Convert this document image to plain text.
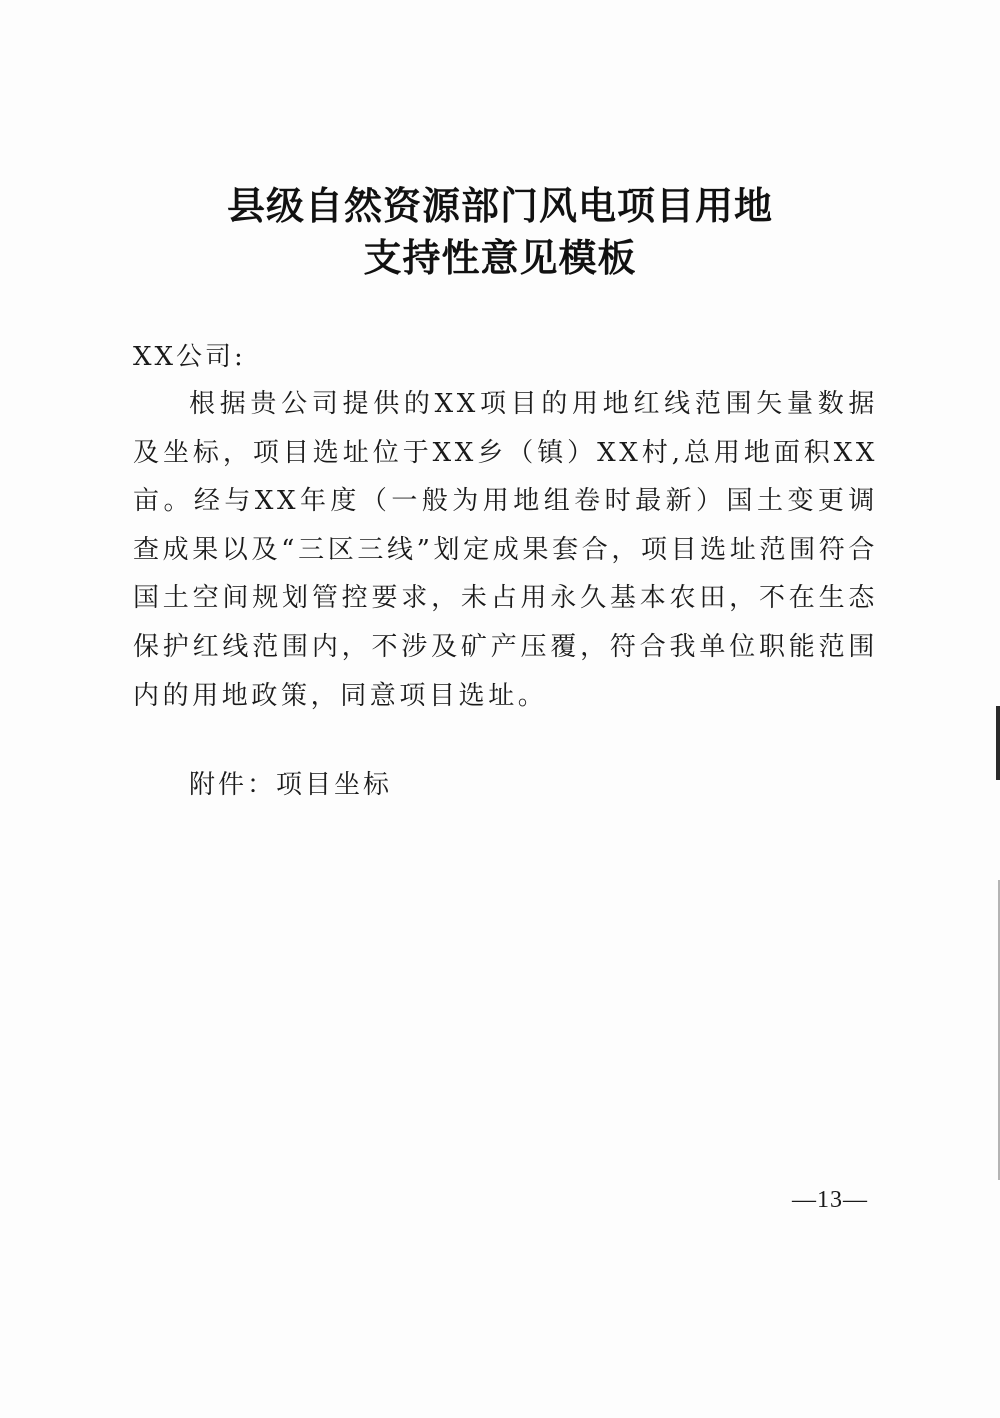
县级自然资源部门风电项目用地
支持性意见模板
XX公司:

根据贵公司提供的XX项目的用地红线范围矢量数据及坐标，项目选址位于XX乡（镇）XX村,总用地面积XX亩。经与XX年度（一般为用地组卷时最新）国土变更调查成果以及“三区三线”划定成果套合，项目选址范围符合国土空间规划管控要求，未占用永久基本农田，不在生态保护红线范围内，不涉及矿产压覆，符合我单位职能范围内的用地政策，同意项目选址。

附件：项目坐标
—13—
